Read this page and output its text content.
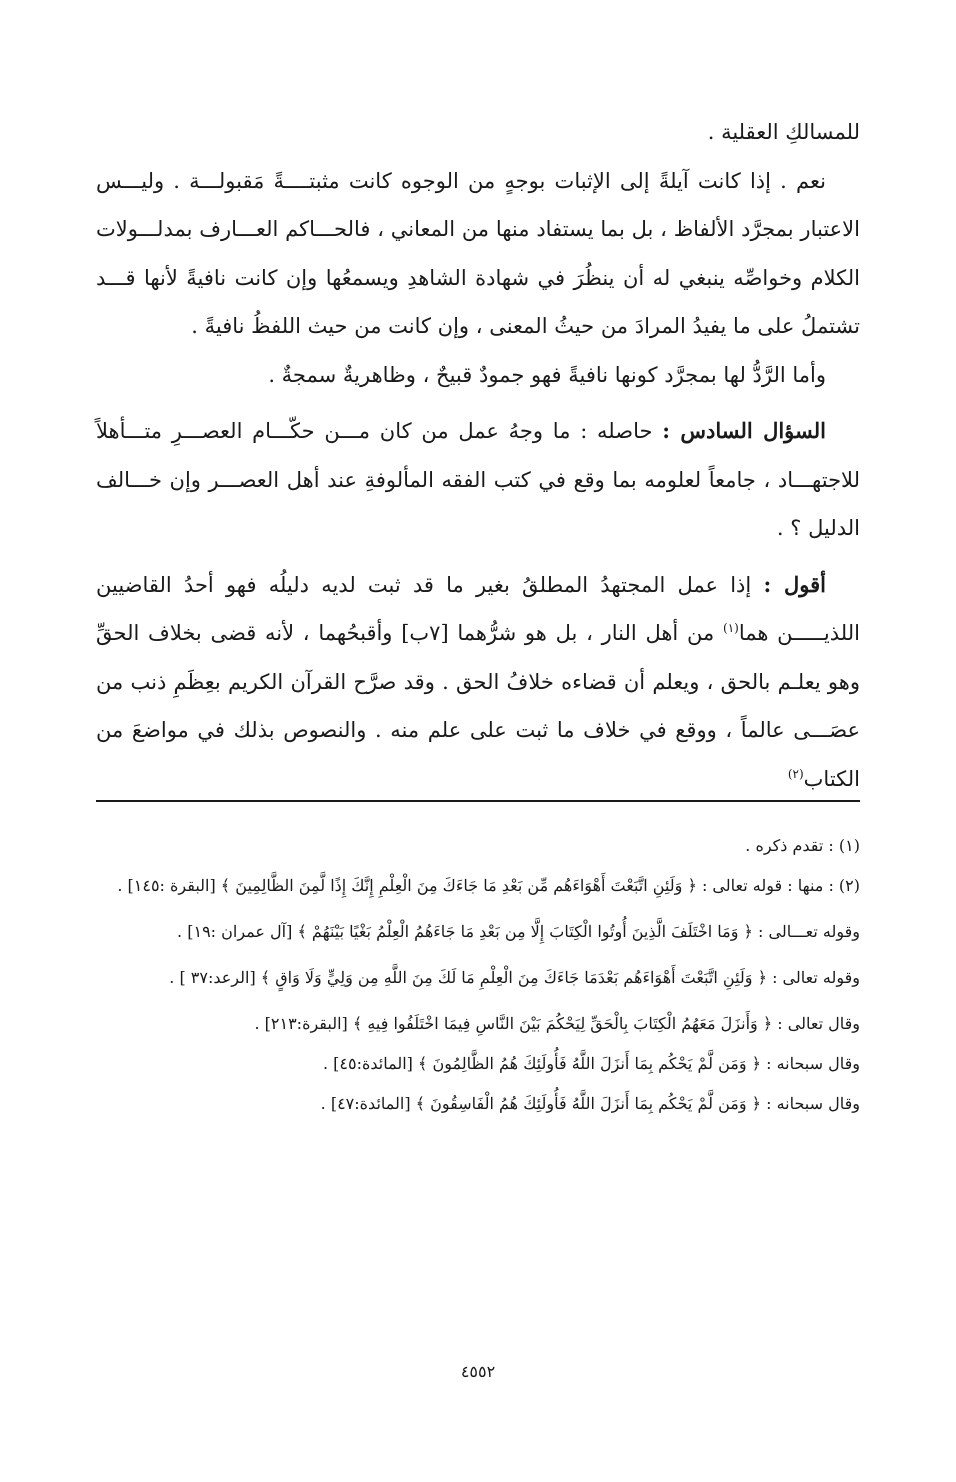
للمسالكِ العقلية .

نعم . إذا كانت آيلةً إلى الإثبات بوجهٍ من الوجوه كانت مثبتــــةً مَقبولـــة . وليـــس الاعتبار بمجرَّد الألفاظ ، بل بما يستفاد منها من المعاني ، فالحـــاكم العـــارف بمدلـــولات الكلام وخواصِّه ينبغي له أن ينظُرَ في شهادة الشاهدِ ويسمعُها وإن كانت نافيةً لأنها قـــد تشتملُ على ما يفيدُ المرادَ من حيثُ المعنى ، وإن كانت من حيث اللفظُ نافيةً .

وأما الرَّدُّ لها بمجرَّد كونها نافيةً فهو جمودٌ قبيحٌ ، وظاهريةٌ سمجةٌ .

السؤال السادس : حاصله : ما وجهُ عمل من كان مـــن حكّـــام العصـــرِ متـــأهلاً للاجتهـــاد ، جامعاً لعلومه بما وقع في كتب الفقه المألوفةِ عند أهل العصـــر وإن خـــالف الدليل ؟ .

أقول : إذا عمل المجتهدُ المطلقُ بغير ما قد ثبت لديه دليلُه فهو أحدُ القاضيين اللذيـــــن هما$^{(١)}$ من أهل النار ، بل هو شرُّهما [٧ب] وأقبحُهما ، لأنه قضى بخلاف الحقِّ وهو يعلـم بالحق ، ويعلم أن قضاءه خلافُ الحق . وقد صرَّح القرآن الكريم بعِظَمِ ذنب من عصَـــى عالماً ، ووقع في خلاف ما ثبت على علم منه . والنصوص بذلك في مواضعَ من الكتاب$^{(٢)}$

(١) : تقدم ذكره .

(٢) : منها : قوله تعالى : ﴿ وَلَئِنِ اتَّبَعْتَ أَهْوَاءَهُم مِّن بَعْدِ مَا جَاءَكَ مِنَ الْعِلْمِ إِنَّكَ إِذًا لَّمِنَ الظَّالِمِينَ ﴾ [البقرة :١٤٥] .

وقوله تعـــالى : ﴿ وَمَا اخْتَلَفَ الَّذِينَ أُوتُوا الْكِتَابَ إِلَّا مِن بَعْدِ مَا جَاءَهُمُ الْعِلْمُ بَغْيًا بَيْنَهُمْ ﴾ [آل عمران :١٩] .

وقوله تعالى : ﴿ وَلَئِنِ اتَّبَعْتَ أَهْوَاءَهُم بَعْدَمَا جَاءَكَ مِنَ الْعِلْمِ مَا لَكَ مِنَ اللَّهِ مِن وَلِيٍّ وَلَا وَاقٍ ﴾ [الرعد:٣٧ ] .

وقال تعالى : ﴿ وَأَنزَلَ مَعَهُمُ الْكِتَابَ بِالْحَقِّ لِيَحْكُمَ بَيْنَ النَّاسِ فِيمَا اخْتَلَفُوا فِيهِ ﴾ [البقرة:٢١٣] .

وقال سبحانه : ﴿ وَمَن لَّمْ يَحْكُم بِمَا أَنزَلَ اللَّهُ فَأُولَئِكَ هُمُ الظَّالِمُونَ ﴾ [المائدة:٤٥] .

وقال سبحانه : ﴿ وَمَن لَّمْ يَحْكُم بِمَا أَنزَلَ اللَّهُ فَأُولَئِكَ هُمُ الْفَاسِقُونَ ﴾ [المائدة:٤٧] .

٤٥٥٢
